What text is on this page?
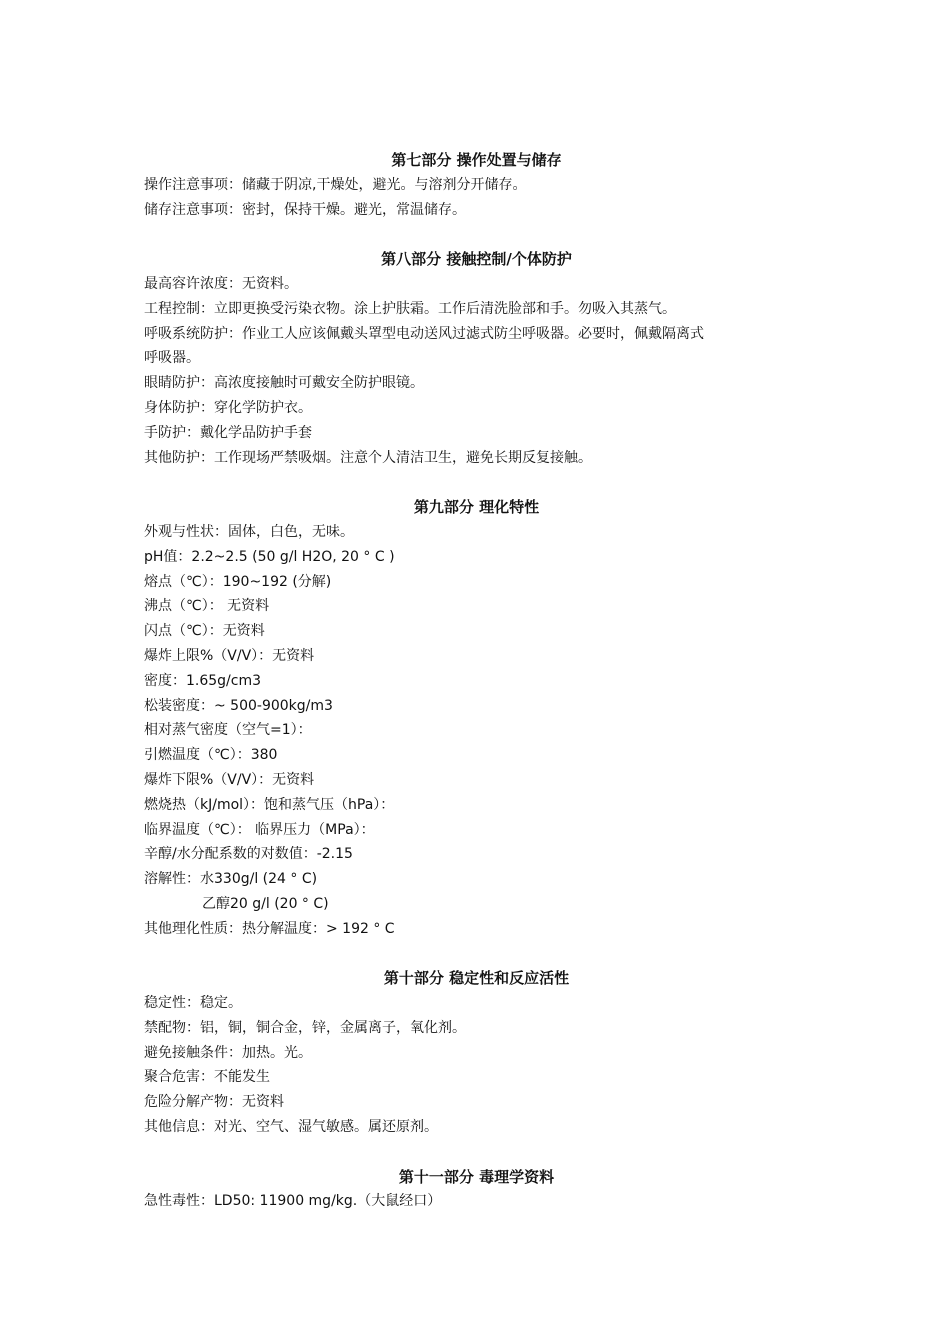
第七部分 操作处置与储存
操作注意事项：储藏于阴凉,干燥处，避光。与溶剂分开储存。
储存注意事项：密封，保持干燥。避光，常温储存。
第八部分 接触控制/个体防护
最高容许浓度：无资料。
工程控制：立即更换受污染衣物。涂上护肤霜。工作后清洗脸部和手。勿吸入其蒸气。
呼吸系统防护：作业工人应该佩戴头罩型电动送风过滤式防尘呼吸器。必要时，佩戴隔离式
呼吸器。
眼睛防护：高浓度接触时可戴安全防护眼镜。
身体防护：穿化学防护衣。
手防护：戴化学品防护手套
其他防护：工作现场严禁吸烟。注意个人清洁卫生，避免长期反复接触。
第九部分 理化特性
外观与性状：固体，白色，无味。
pH值：2.2~2.5 (50 g/l H2O, 20 ° C )
熔点（℃）：190~192 (分解)
沸点（℃）： 无资料
闪点（℃）：无资料
爆炸上限%（V/V）：无资料
密度：1.65g/cm3
松装密度：~ 500-900kg/m3
相对蒸气密度（空气=1）：
引燃温度（℃）：380
爆炸下限%（V/V）：无资料
燃烧热（kJ/mol）：饱和蒸气压（hPa）：
临界温度（℃）： 临界压力（MPa）：
辛醇/水分配系数的对数值：-2.15
溶解性：水330g/l (24 ° C)
乙醇20 g/l (20 ° C)
其他理化性质：热分解温度：> 192 ° C
第十部分 稳定性和反应活性
稳定性：稳定。
禁配物：铝，铜，铜合金，锌，金属离子，氧化剂。
避免接触条件：加热。光。
聚合危害：不能发生
危险分解产物：无资料
其他信息：对光、空气、湿气敏感。属还原剂。
第十一部分 毒理学资料
急性毒性：LD50: 11900 mg/kg.（大鼠经口）
